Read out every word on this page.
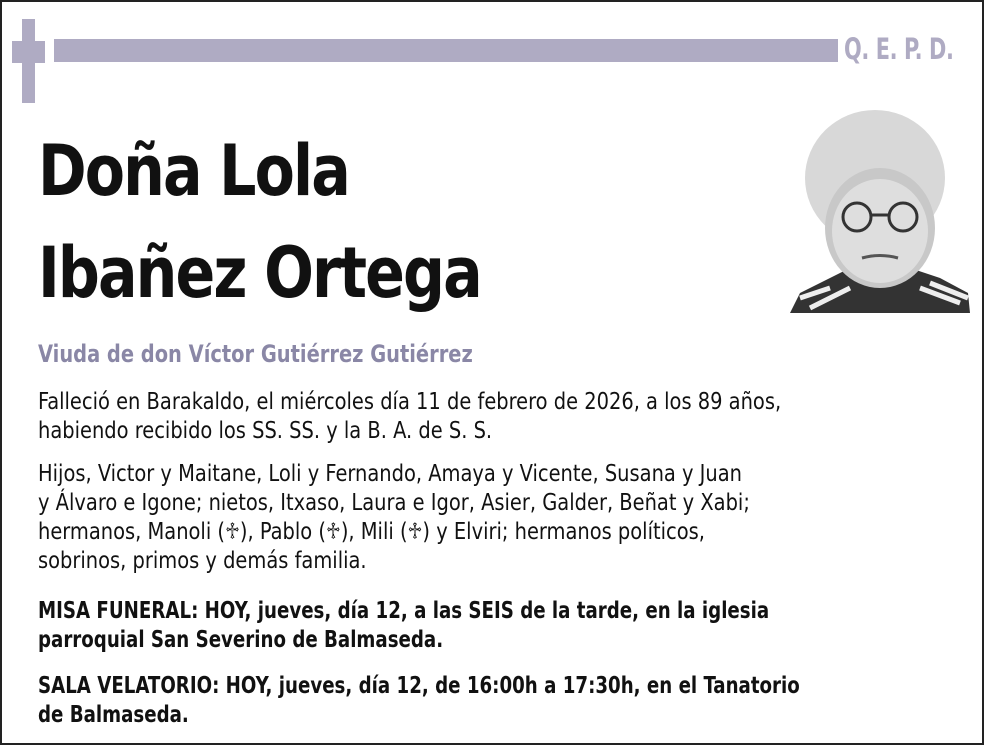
Q. E. P. D.
Doña Lola
Ibañez Ortega
Viuda de don Víctor Gutiérrez Gutiérrez
Falleció en Barakaldo, el miércoles día 11 de febrero de 2026, a los 89 años,
habiendo recibido los SS. SS. y la B. A. de S. S.
Hijos, Victor y Maitane, Loli y Fernando, Amaya y Vicente, Susana y Juan
y Álvaro e Igone; nietos, Itxaso, Laura e Igor, Asier, Galder, Beñat y Xabi;
hermanos, Manoli (♱), Pablo (♱), Mili (♱) y Elviri; hermanos políticos,
sobrinos, primos y demás familia.
MISA FUNERAL: HOY, jueves, día 12, a las SEIS de la tarde, en la iglesia
parroquial San Severino de Balmaseda.
SALA VELATORIO: HOY, jueves, día 12, de 16:00h a 17:30h, en el Tanatorio
de Balmaseda.
